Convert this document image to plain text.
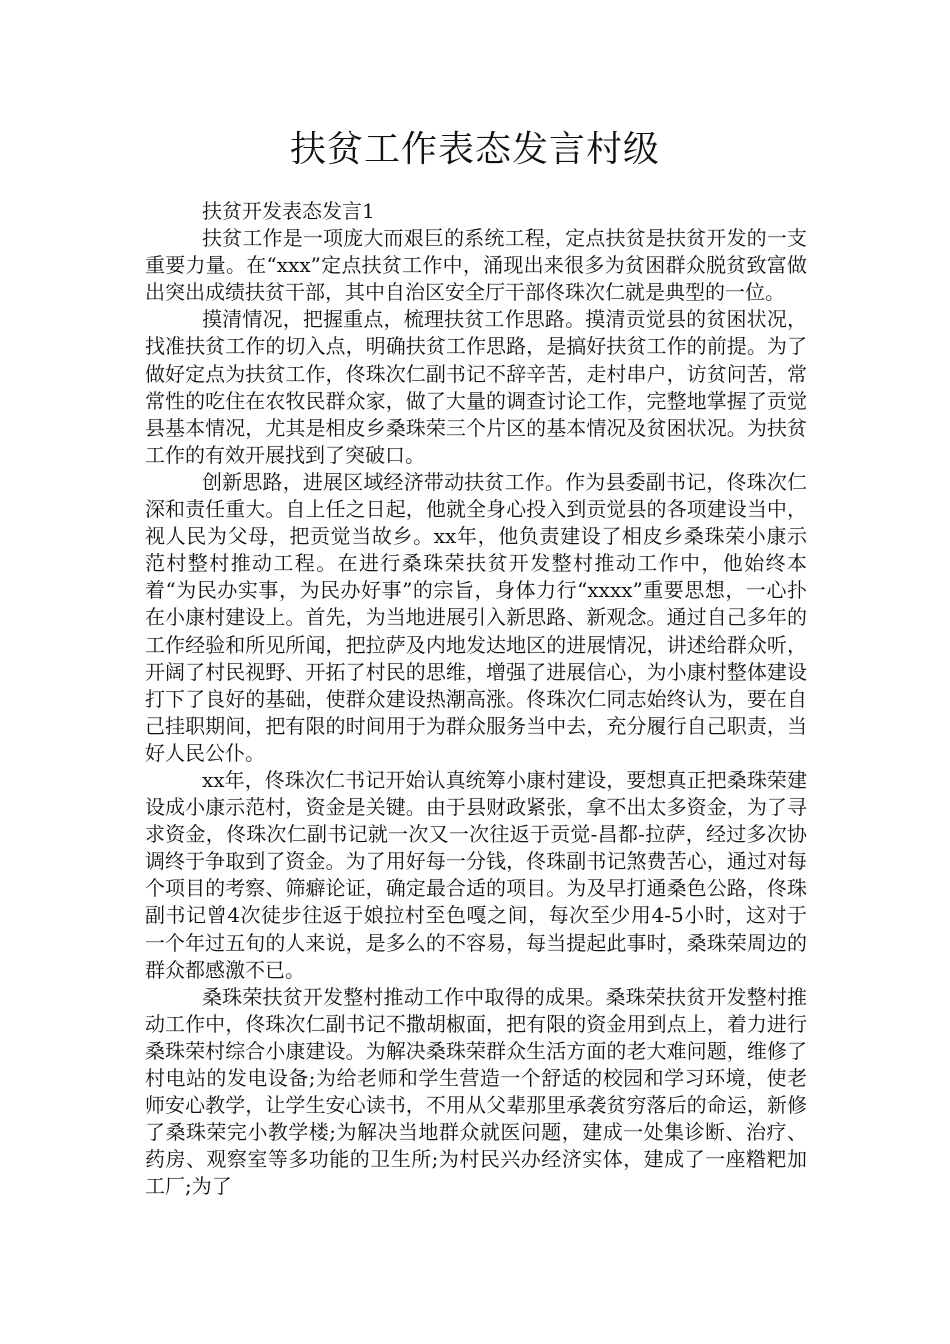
扶贫工作表态发言村级

扶贫开发表态发言1

扶贫工作是一项庞大而艰巨的系统工程，定点扶贫是扶贫开发的一支重要力量。在“xxx”定点扶贫工作中，涌现出来很多为贫困群众脱贫致富做出突出成绩扶贫干部，其中自治区安全厅干部佟珠次仁就是典型的一位。

摸清情况，把握重点，梳理扶贫工作思路。摸清贡觉县的贫困状况，找准扶贫工作的切入点，明确扶贫工作思路，是搞好扶贫工作的前提。为了做好定点为扶贫工作，佟珠次仁副书记不辞辛苦，走村串户，访贫问苦，常常性的吃住在农牧民群众家，做了大量的调查讨论工作，完整地掌握了贡觉县基本情况，尤其是相皮乡桑珠荣三个片区的基本情况及贫困状况。为扶贫工作的有效开展找到了突破口。

创新思路，进展区域经济带动扶贫工作。作为县委副书记，佟珠次仁深和责任重大。自上任之日起，他就全身心投入到贡觉县的各项建设当中，视人民为父母，把贡觉当故乡。xx年，他负责建设了相皮乡桑珠荣小康示范村整村推动工程。在进行桑珠荣扶贫开发整村推动工作中，他始终本着“为民办实事，为民办好事”的宗旨，身体力行“xxxx”重要思想，一心扑在小康村建设上。首先，为当地进展引入新思路、新观念。通过自己多年的工作经验和所见所闻，把拉萨及内地发达地区的进展情况，讲述给群众听，开阔了村民视野、开拓了村民的思维，增强了进展信心，为小康村整体建设打下了良好的基础，使群众建设热潮高涨。佟珠次仁同志始终认为，要在自己挂职期间，把有限的时间用于为群众服务当中去，充分履行自己职责，当好人民公仆。

xx年，佟珠次仁书记开始认真统筹小康村建设，要想真正把桑珠荣建设成小康示范村，资金是关键。由于县财政紧张，拿不出太多资金，为了寻求资金，佟珠次仁副书记就一次又一次往返于贡觉-昌都-拉萨，经过多次协调终于争取到了资金。为了用好每一分钱，佟珠副书记煞费苦心，通过对每个项目的考察、筛癖论证，确定最合适的项目。为及早打通桑色公路，佟珠副书记曾4次徒步往返于娘拉村至色嘎之间，每次至少用4-5小时，这对于一个年过五旬的人来说，是多么的不容易，每当提起此事时，桑珠荣周边的群众都感激不已。

桑珠荣扶贫开发整村推动工作中取得的成果。桑珠荣扶贫开发整村推动工作中，佟珠次仁副书记不撒胡椒面，把有限的资金用到点上，着力进行桑珠荣村综合小康建设。为解决桑珠荣群众生活方面的老大难问题，维修了村电站的发电设备;为给老师和学生营造一个舒适的校园和学习环境，使老师安心教学，让学生安心读书，不用从父辈那里承袭贫穷落后的命运，新修了桑珠荣完小教学楼;为解决当地群众就医问题，建成一处集诊断、治疗、药房、观察室等多功能的卫生所;为村民兴办经济实体，建成了一座糌粑加工厂;为了
